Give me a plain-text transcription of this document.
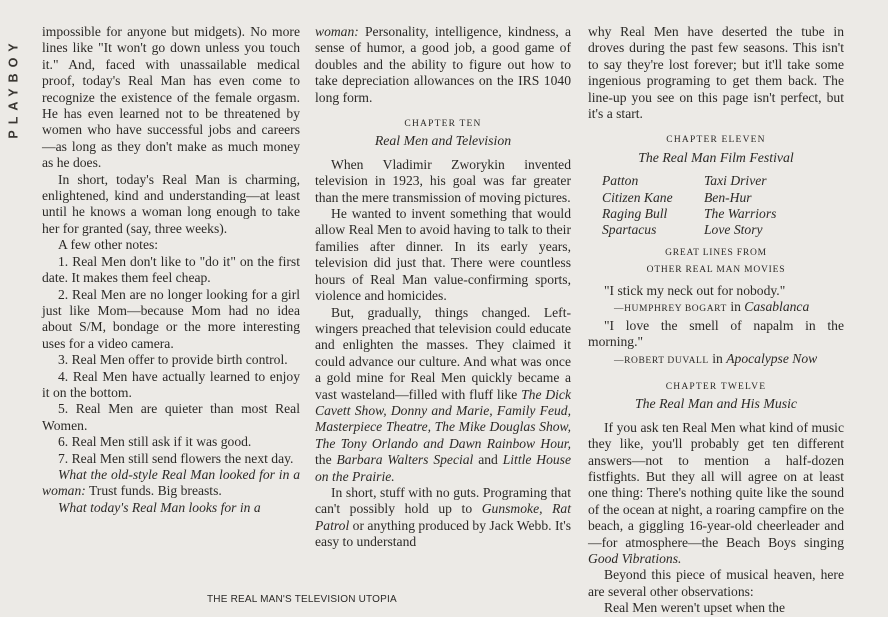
PLAYBOY

impossible for anyone but midgets). No more lines like "It won't go down unless you touch it." And, faced with unassailable medical proof, today's Real Man has even come to recognize the existence of the female orgasm. He has even learned not to be threatened by women who have successful jobs and careers—as long as they don't make as much money as he does.

In short, today's Real Man is charming, enlightened, kind and understanding—at least until he knows a woman long enough to take her for granted (say, three weeks).

A few other notes:

1. Real Men don't like to "do it" on the first date. It makes them feel cheap.

2. Real Men are no longer looking for a girl just like Mom—because Mom had no idea about S/M, bondage or the more interesting uses for a video camera.

3. Real Men offer to provide birth control.

4. Real Men have actually learned to enjoy it on the bottom.

5. Real Men are quieter than most Real Women.

6. Real Men still ask if it was good.

7. Real Men still send flowers the next day.

What the old-style Real Man looked for in a woman: Trust funds. Big breasts.

What today's Real Man looks for in a

woman: Personality, intelligence, kindness, a sense of humor, a good job, a good game of doubles and the ability to figure out how to take depreciation allowances on the IRS 1040 long form.

CHAPTER TEN
Real Men and Television

When Vladimir Zworykin invented television in 1923, his goal was far greater than the mere transmission of moving pictures.

He wanted to invent something that would allow Real Men to avoid having to talk to their families after dinner. In its early years, television did just that. There were countless hours of Real Man value-confirming sports, violence and homicides.

But, gradually, things changed. Left-wingers preached that television could educate and enlighten the masses. They claimed it could advance our culture. And what was once a gold mine for Real Men quickly became a vast wasteland—filled with fluff like The Dick Cavett Show, Donny and Marie, Family Feud, Masterpiece Theatre, The Mike Douglas Show, The Tony Orlando and Dawn Rainbow Hour, the Barbara Walters Special and Little House on the Prairie.

In short, stuff with no guts. Programing that can't possibly hold up to Gunsmoke, Rat Patrol or anything produced by Jack Webb. It's easy to understand

why Real Men have deserted the tube in droves during the past few seasons. This isn't to say they're lost forever; but it'll take some ingenious programing to get them back. The line-up you see on this page isn't perfect, but it's a start.

CHAPTER ELEVEN
The Real Man Film Festival
Patton	Taxi Driver
Citizen Kane	Ben-Hur
Raging Bull	The Warriors
Spartacus	Love Story
GREAT LINES FROM
OTHER REAL MAN MOVIES

"I stick my neck out for nobody."

—HUMPHREY BOGART in Casablanca

"I love the smell of napalm in the morning."

—ROBERT DUVALL in Apocalypse Now

CHAPTER TWELVE
The Real Man and His Music

If you ask ten Real Men what kind of music they like, you'll probably get ten different answers—not to mention a half-dozen fistfights. But they all will agree on at least one thing: There's nothing quite like the sound of the ocean at night, a roaring campfire on the beach, a giggling 16-year-old cheerleader and—for atmosphere—the Beach Boys singing Good Vibrations.

Beyond this piece of musical heaven, here are several other observations:

Real Men weren't upset when the

THE REAL MAN'S TELEVISION UTOPIA
